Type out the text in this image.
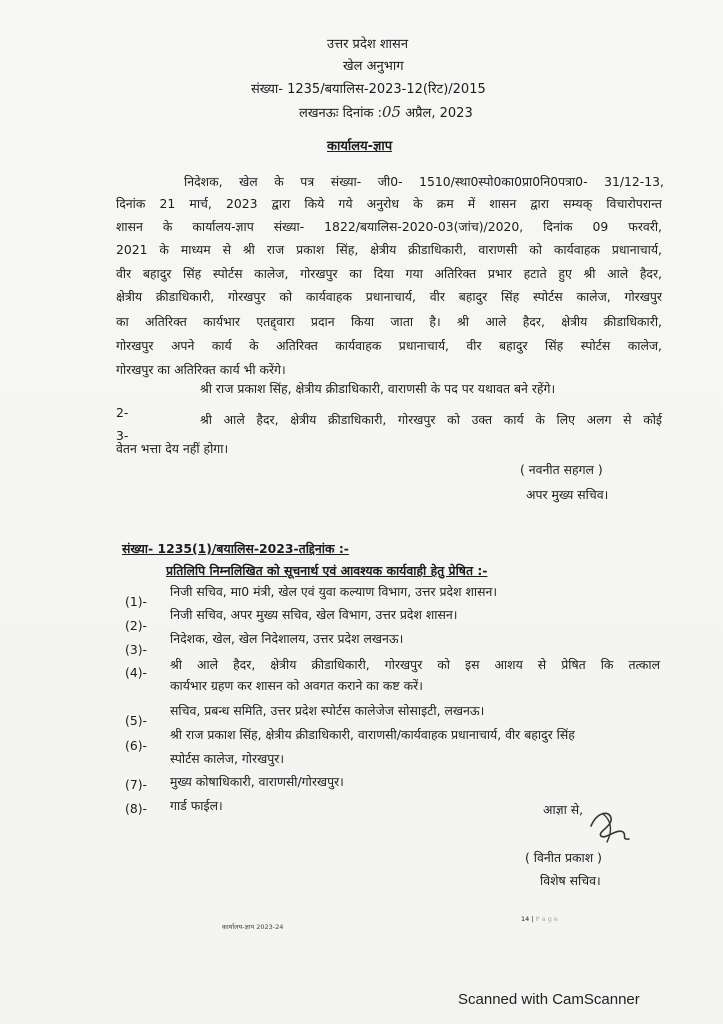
उत्तर प्रदेश शासन
खेल अनुभाग
संख्या- 1235/बयालिस-2023-12(रिट)/2015
लखनऊः दिनांक :05 अप्रैल, 2023
कार्यालय-ज्ञाप
निदेशक, खेल के पत्र संख्या- जी0- 1510/स्था0स्पो0का0प्रा0नि0पत्रा0- 31/12-13,
दिनांक 21 मार्च, 2023 द्वारा किये गये अनुरोध के क्रम में शासन द्वारा सम्यक् विचारोपरान्त
शासन के कार्यालय-ज्ञाप संख्या- 1822/बयालिस-2020-03(जांच)/2020, दिनांक 09 फरवरी,
2021 के माध्यम से श्री राज प्रकाश सिंह, क्षेत्रीय क्रीडाधिकारी, वाराणसी को कार्यवाहक प्रधानाचार्य,
वीर बहादुर सिंह स्पोर्टस कालेज, गोरखपुर का दिया गया अतिरिक्त प्रभार हटाते हुए श्री आले हैदर,
क्षेत्रीय क्रीडाधिकारी, गोरखपुर को कार्यवाहक प्रधानाचार्य, वीर बहादुर सिंह स्पोर्टस कालेज, गोरखपुर
का अतिरिक्त कार्यभार एतद्द्वारा प्रदान किया जाता है। श्री आले हैदर, क्षेत्रीय क्रीडाधिकारी,
गोरखपुर अपने कार्य के अतिरिक्त कार्यवाहक प्रधानाचार्य, वीर बहादुर सिंह स्पोर्टस कालेज,
गोरखपुर का अतिरिक्त कार्य भी करेंगे।
2-
श्री राज प्रकाश सिंह, क्षेत्रीय क्रीडाधिकारी, वाराणसी के पद पर यथावत बने रहेंगे।
3-
श्री आले हैदर, क्षेत्रीय क्रीडाधिकारी, गोरखपुर को उक्त कार्य के लिए अलग से कोई
वेतन भत्ता देय नहीं होगा।
( नवनीत सहगल )
अपर मुख्य सचिव।
संख्या- 1235(1)/बयालिस-2023-तद्दिनांक :-
प्रतिलिपि निम्नलिखित को सूचनार्थ एवं आवश्यक कार्यवाही हेतु प्रेषित :-
(1)-
निजी सचिव, मा0 मंत्री, खेल एवं युवा कल्याण विभाग, उत्तर प्रदेश शासन।
(2)-
निजी सचिव, अपर मुख्य सचिव, खेल विभाग, उत्तर प्रदेश शासन।
(3)-
निदेशक, खेल, खेल निदेशालय, उत्तर प्रदेश लखनऊ।
(4)-
श्री आले हैदर, क्षेत्रीय क्रीडाधिकारी, गोरखपुर को इस आशय से प्रेषित कि तत्काल
कार्यभार ग्रहण कर शासन को अवगत कराने का कष्ट करें।
(5)-
सचिव, प्रबन्ध समिति, उत्तर प्रदेश स्पोर्टस कालेजेज सोसाइटी, लखनऊ।
(6)-
श्री राज प्रकाश सिंह, क्षेत्रीय क्रीडाधिकारी, वाराणसी/कार्यवाहक प्रधानाचार्य, वीर बहादुर सिंह
स्पोर्टस कालेज, गोरखपुर।
(7)- मुख्य कोषाधिकारी, वाराणसी/गोरखपुर।
(8)- गार्ड फाईल।	आज्ञा से,
( विनीत प्रकाश )
विशेष सचिव।
कार्यालय-ज्ञाप 2023-24
14 | P a g e
Scanned with CamScanner
